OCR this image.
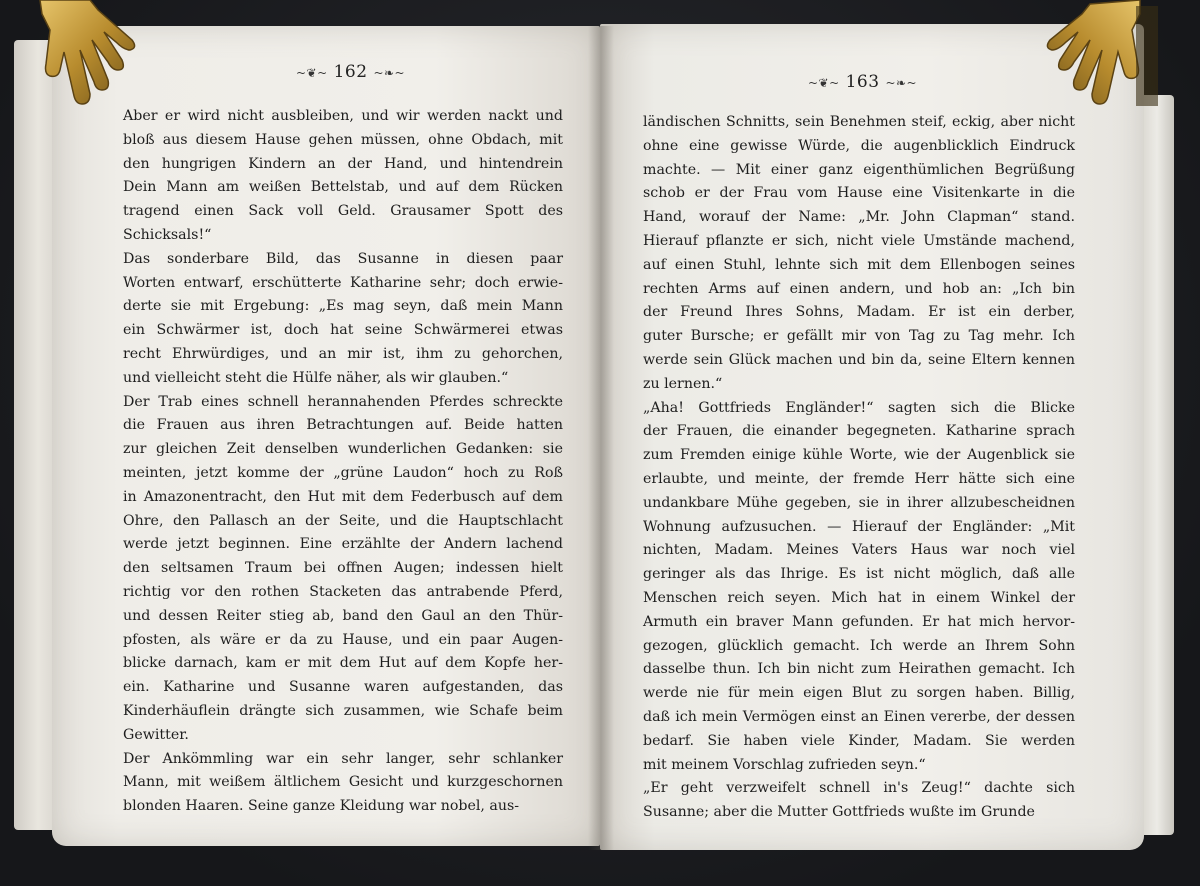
~❦~ 162 ~❧~
~❦~ 163 ~❧~
Aber er wird nicht ausbleiben, und wir werden nackt und
bloß aus diesem Hause gehen müssen, ohne Obdach, mit
den hungrigen Kindern an der Hand, und hintendrein
Dein Mann am weißen Bettelstab, und auf dem Rücken
tragend einen Sack voll Geld. Grausamer Spott des
Schicksals!“
Das sonderbare Bild, das Susanne in diesen paar
Worten entwarf, erschütterte Katharine sehr; doch erwie-
derte sie mit Ergebung: „Es mag seyn, daß mein Mann
ein Schwärmer ist, doch hat seine Schwärmerei etwas
recht Ehrwürdiges, und an mir ist, ihm zu gehorchen,
und vielleicht steht die Hülfe näher, als wir glauben.“
Der Trab eines schnell herannahenden Pferdes schreckte
die Frauen aus ihren Betrachtungen auf. Beide hatten
zur gleichen Zeit denselben wunderlichen Gedanken: sie
meinten, jetzt komme der „grüne Laudon“ hoch zu Roß
in Amazonentracht, den Hut mit dem Federbusch auf dem
Ohre, den Pallasch an der Seite, und die Hauptschlacht
werde jetzt beginnen. Eine erzählte der Andern lachend
den seltsamen Traum bei offnen Augen; indessen hielt
richtig vor den rothen Stacketen das antrabende Pferd,
und dessen Reiter stieg ab, band den Gaul an den Thür-
pfosten, als wäre er da zu Hause, und ein paar Augen-
blicke darnach, kam er mit dem Hut auf dem Kopfe her-
ein. Katharine und Susanne waren aufgestanden, das
Kinderhäuflein drängte sich zusammen, wie Schafe beim
Gewitter.
Der Ankömmling war ein sehr langer, sehr schlanker
Mann, mit weißem ältlichem Gesicht und kurzgeschornen
blonden Haaren. Seine ganze Kleidung war nobel, aus-
ländischen Schnitts, sein Benehmen steif, eckig, aber nicht
ohne eine gewisse Würde, die augenblicklich Eindruck
machte. — Mit einer ganz eigenthümlichen Begrüßung
schob er der Frau vom Hause eine Visitenkarte in die
Hand, worauf der Name: „Mr. John Clapman“ stand.
Hierauf pflanzte er sich, nicht viele Umstände machend,
auf einen Stuhl, lehnte sich mit dem Ellenbogen seines
rechten Arms auf einen andern, und hob an: „Ich bin
der Freund Ihres Sohns, Madam. Er ist ein derber,
guter Bursche; er gefällt mir von Tag zu Tag mehr. Ich
werde sein Glück machen und bin da, seine Eltern kennen
zu lernen.“
„Aha! Gottfrieds Engländer!“ sagten sich die Blicke
der Frauen, die einander begegneten. Katharine sprach
zum Fremden einige kühle Worte, wie der Augenblick sie
erlaubte, und meinte, der fremde Herr hätte sich eine
undankbare Mühe gegeben, sie in ihrer allzubescheidnen
Wohnung aufzusuchen. — Hierauf der Engländer: „Mit
nichten, Madam. Meines Vaters Haus war noch viel
geringer als das Ihrige. Es ist nicht möglich, daß alle
Menschen reich seyen. Mich hat in einem Winkel der
Armuth ein braver Mann gefunden. Er hat mich hervor-
gezogen, glücklich gemacht. Ich werde an Ihrem Sohn
dasselbe thun. Ich bin nicht zum Heirathen gemacht. Ich
werde nie für mein eigen Blut zu sorgen haben. Billig,
daß ich mein Vermögen einst an Einen vererbe, der dessen
bedarf. Sie haben viele Kinder, Madam. Sie werden
mit meinem Vorschlag zufrieden seyn.“
„Er geht verzweifelt schnell in's Zeug!“ dachte sich
Susanne; aber die Mutter Gottfrieds wußte im Grunde
